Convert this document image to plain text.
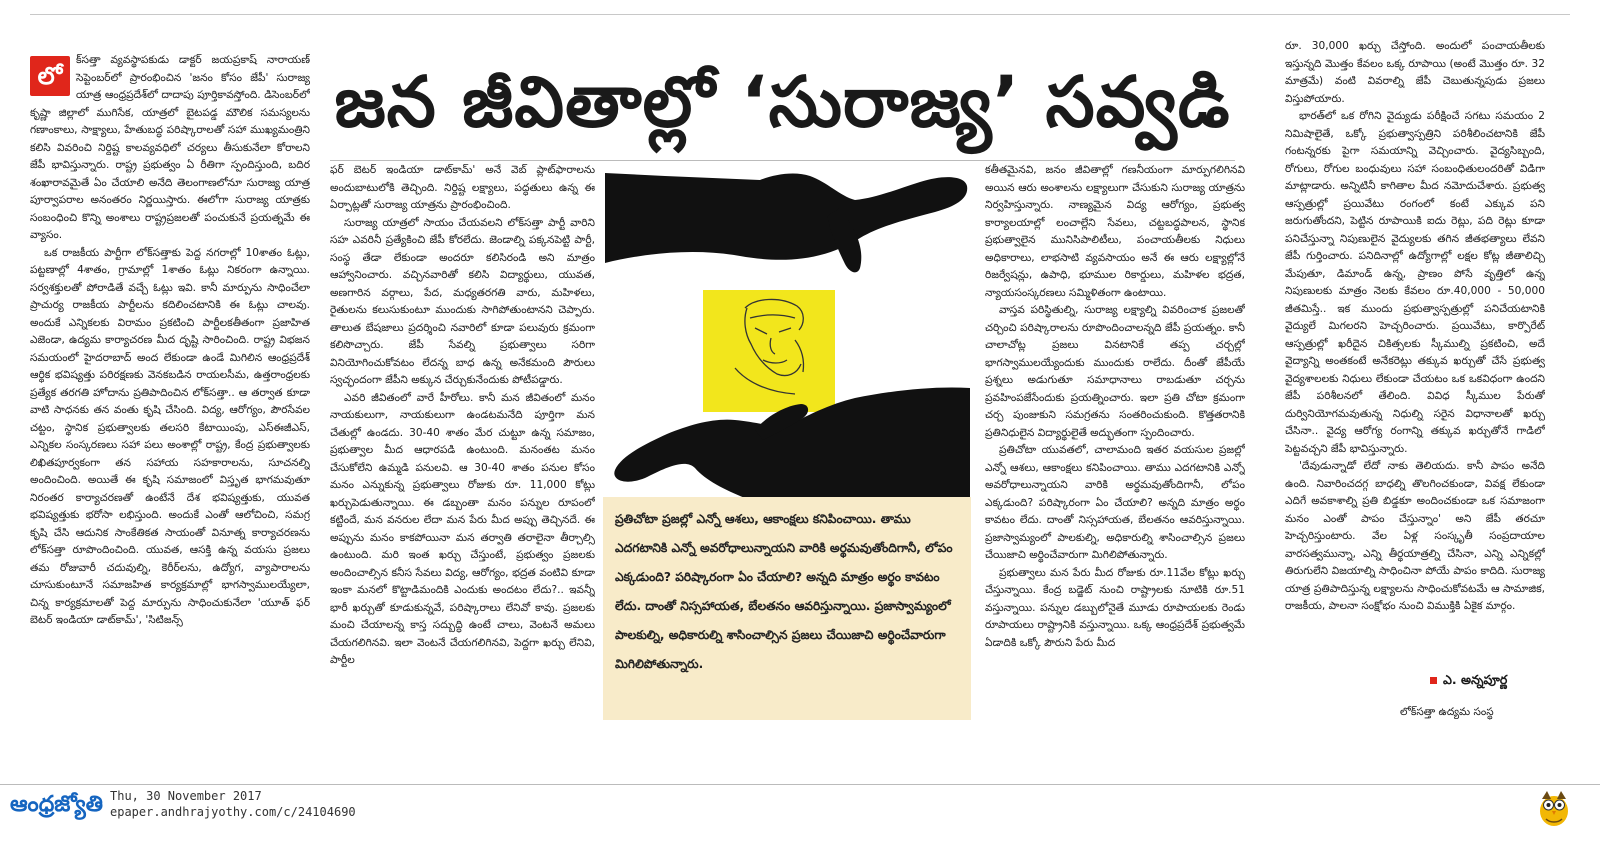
లో

క్‌సత్తా వ్యవస్థాపకుడు డాక్టర్ జయప్రకాష్ నారాయణ్ సెప్టెంబర్‌లో ప్రారంభించిన 'జనం కోసం జేపీ' సురాజ్య యాత్ర ఆంధ్రప్రదేశ్‌లో దాదాపు పూర్తికావస్తోంది. డిసెంబర్‌లో కృష్ణా జిల్లాలో ముగిసేక, యాత్రలో బైటపడ్డ మౌలిక సమస్యలను గణాంకాలు, సాక్ష్యాలు, హేతుబద్ధ పరిష్కారాలతో సహా ముఖ్యమంత్రిని కలిసి వివరించి నిర్దిష్ట కాలవ్యవధిలో చర్యలు తీసుకునేలా కోరాలని జేపీ భావిస్తున్నారు. రాష్ట్ర ప్రభుత్వం ఏ రీతిగా స్పందిస్తుంది, బదిర శంఖారావమైతే ఏం చేయాలి అనేది తెలంగాణలోనూ సురాజ్య యాత్ర పూర్వాపరాల అనంతరం నిర్ణయిస్తారు. ఈలోగా సురాజ్య యాత్రకు సంబంధించి కొన్ని అంశాలు రాష్ట్రప్రజలతో పంచుకునే ప్రయత్నమే ఈ వ్యాసం.

ఒక రాజకీయ పార్టీగా లోక్‌సత్తాకు పెద్ద నగరాల్లో 10శాతం ఓట్లు, పట్టణాల్లో 4శాతం, గ్రామాల్లో 1శాతం ఓట్లు నికరంగా ఉన్నాయి. సర్వశక్తులతో పోరాడితే వచ్చే ఓట్లు ఇవి. కానీ మార్పును సాధించేలా ప్రాచుర్య రాజకీయ పార్టీలను కదిలించటానికి ఈ ఓట్లు చాలవు. అందుకే ఎన్నికలకు విరామం ప్రకటించి పార్టీలకతీతంగా ప్రజాహిత ఎజెండా, ఉద్యమ కార్యాచరణ మీద దృష్టి సారించింది. రాష్ట్ర విభజన సమయంలో హైదరాబాద్ అంద లేకుండా ఉండే మిగిలిన ఆంధ్రప్రదేశ్ ఆర్థిక భవిష్యత్తు పరిరక్షణకు వెనకబడిన రాయలసీమ, ఉత్తరాంధ్రలకు ప్రత్యేక తరగతి హోదాను ప్రతిపాదించిన లోక్‌సత్తా.. ఆ తర్వాత కూడా వాటి సాధనకు తన వంతు కృషి చేసింది. విద్య, ఆరోగ్యం, పౌరసేవల చట్టం, స్థానిక ప్రభుత్వాలకు తలసరి కేటాయింపు, ఎస్‌ఈజీఎస్, ఎన్నికల సంస్కరణలు సహా పలు అంశాల్లో రాష్ట్ర, కేంద్ర ప్రభుత్వాలకు లిఖితపూర్వకంగా తన సహాయ సహకారాలను, సూచనల్ని అందించింది. అయితే ఈ కృషి సమాజంలో విస్తృత భాగమవుతూ నిరంతర కార్యాచరణతో ఉంటేనే దేశ భవిష్యత్తుకు, యువత భవిష్యత్తుకు భరోసా లభిస్తుంది. అందుకే ఎంతో ఆలోచించి, సమగ్ర కృషి చేసి ఆదునిక సాంకేతికత సాయంతో వినూత్న కార్యాచరణను లోక్‌సత్తా రూపొందించింది. యువత, ఆసక్తి ఉన్న వయసు ప్రజలు తమ రోజువారీ చదువుల్ని, కెరీర్‌లను, ఉద్యోగ, వ్యాపారాలను చూసుకుంటూనే సమాజహిత కార్యక్రమాల్లో భాగస్వాములయ్యేలా, చిన్న కార్యక్రమాలతో పెద్ద మార్పును సాధించుకునేలా 'యూత్ ఫర్ బెటర్ ఇండియా డాట్‌కామ్', 'సిటిజన్స్

జన జీవితాల్లో ‘సురాజ్య’ సవ్వడి

ఫర్ బెటర్ ఇండియా డాట్‌కామ్' అనే వెబ్ ప్లాట్‌ఫారాలను అందుబాటులోకి తెచ్చింది. నిర్దిష్ట లక్ష్యాలు, పద్ధతులు ఉన్న ఈ ఏర్పాట్లతో సురాజ్య యాత్రను ప్రారంభించింది.

సురాజ్య యాత్రలో సాయం చేయవలని లోక్‌సత్తా పార్టీ వారిని సహ ఎవరినీ ప్రత్యేకించి జేపీ కోరలేదు. జెండాల్ని పక్కనపెట్టి పార్టీ, సంస్థ తేడా లేకుండా అందరూ కలిసిరండి అని మాత్రం ఆహ్వానించారు. వచ్చినవారితో కలిసి విద్యార్థులు, యువత, అణగారిన వర్గాలు, పేద, మధ్యతరగతి వారు, మహిళలు, రైతులను కలుసుకుంటూ ముందుకు సాగిపోతుంటానని చెప్పారు. తాలుత బేషజాలు ప్రదర్శించి నవారిలో కూడా పలువురు క్రమంగా కలిసొచ్చారు. జేపీ సేవల్ని ప్రభుత్వాలు సరిగా వినియోగించుకోవటం లేదన్న బాధ ఉన్న అనేకమంది పౌరులు స్వచ్ఛందంగా జేపీని అక్కున చేర్చుకునేందుకు పోటీపడ్డారు.

ఎవరి జీవితంలో వారే హీరోలు. కానీ మన జీవితంలో మనం నాయకులుగా, నాయకులుగా ఉండటమనేది పూర్తిగా మన చేతుల్లో ఉండదు. 30-40 శాతం మేర చుట్టూ ఉన్న సమాజం, ప్రభుత్వాల మీద ఆధారపడి ఉంటుంది. మనంతట మనం చేసుకోలేని ఉమ్మడి పనులవి. ఆ 30-40 శాతం పనుల కోసం మనం ఎన్నుకున్న ప్రభుత్వాలు రోజుకు రూ. 11,000 కోట్లు ఖర్చుపెడుతున్నాయి. ఈ డబ్బంతా మనం పన్నుల రూపంలో కట్టిందే, మన వనరుల లేదా మన పేరు మీద అప్పు తెచ్చినదే. ఈ అప్పును మనం కాకపోయినా మన తర్వాతి తరాలైనా తీర్చాల్సి ఉంటుంది. మరి ఇంత ఖర్చు చేస్తుంటే, ప్రభుత్వం ప్రజలకు అందించాల్సిన కనీస సేవలు విద్య, ఆరోగ్యం, భద్రత వంటివి కూడా ఇంకా మనలో కొట్టాడిమందికి ఎందుకు అందటం లేదు?.. ఇవన్నీ భారీ ఖర్చుతో కూడుకున్నవే, పరిష్కారాలు లేనివో కావు. ప్రజలకు మంచి చేయాలన్న కాస్త సద్బుద్ధి ఉంటే చాలు, వెంటనే అమలు చేయగలిగినవి. ఇలా వెంటనే చేయగలిగినవి, పెద్దగా ఖర్చు లేనివి, పార్టీల

ప్రతిచోటా ప్రజల్లో ఎన్నో ఆశలు, ఆకాంక్షలు కనిపించాయి. తాము ఎదగటానికి ఎన్నో అవరోధాలున్నాయని వారికి అర్థమవుతోందిగానీ, లోపం ఎక్కడుంది? పరిష్కారంగా ఏం చేయాలి? అన్నది మాత్రం అర్థం కావటం లేదు. దాంతో నిస్సహాయత, బేలతనం ఆవరిస్తున్నాయి. ప్రజాస్వామ్యంలో పాలకుల్ని, అధికారుల్ని శాసించాల్సిన ప్రజలు చేయిజాచి అర్థించేవారుగా మిగిలిపోతున్నారు.

కతీతమైనవి, జనం జీవితాల్లో గణనీయంగా మార్పుగలిగినవి అయిన ఆరు అంశాలను లక్ష్యాలుగా చేసుకుని సురాజ్య యాత్రను నిర్వహిస్తున్నారు. నాణ్యమైన విద్య ఆరోగ్యం, ప్రభుత్వ కార్యాలయాల్లో లంచాల్లేని సేవలు, చట్టబద్ధపాలన, స్థానిక ప్రభుత్వాలైన మునిసిపాలిటీలు, పంచాయతీలకు నిధులు అధికారాలు, లాభసాటి వ్యవసాయం అనే ఈ ఆరు లక్ష్యాల్లోనే రిజర్వేషన్లు, ఉపాధి, భూముల రికార్డులు, మహిళల భద్రత, న్యాయసంస్కరణలు సమ్మిళితంగా ఉంటాయి.

వాస్తవ పరిస్థితుల్ని, సురాజ్య లక్ష్యాల్ని వివరించాక ప్రజలతో చర్చించి పరిష్కారాలను రూపొందించాలన్నది జేపీ ప్రయత్నం. కానీ చాలాచోట్ల ప్రజలు వినటానికే తప్ప చర్చల్లో భాగస్వాములయ్యేందుకు ముందుకు రాలేదు. దీంతో జేపీయే ప్రశ్నలు అడుగుతూ సమాధానాలు రాబడుతూ చర్చను ప్రవహింపజేసేందుకు ప్రయత్నించారు. ఇలా ప్రతి చోటా క్రమంగా చర్చ పుంజుకుని సమగ్రతను సంతరించుకుంది. కొత్తతరానికి ప్రతినిధులైన విద్యార్థులైతే అద్భుతంగా స్పందించారు.

ప్రతిచోటా యువతలో, చాలామంది ఇతర వయసుల ప్రజల్లో ఎన్నో ఆశలు, ఆకాంక్షలు కనిపించాయి. తాము ఎదగటానికి ఎన్నో అవరోధాలున్నాయని వారికి అర్థమవుతోందిగానీ, లోపం ఎక్కడుంది? పరిష్కారంగా ఏం చేయాలి? అన్నది మాత్రం అర్థం కావటం లేదు. దాంతో నిస్సహాయత, బేలతనం ఆవరిస్తున్నాయి. ప్రజాస్వామ్యంలో పాలకుల్ని, అధికారుల్ని శాసించాల్సిన ప్రజలు చేయిజాచి అర్థించేవారుగా మిగిలిపోతున్నారు.

ప్రభుత్వాలు మన పేరు మీద రోజుకు రూ.11వేల కోట్లు ఖర్చు చేస్తున్నాయి. కేంద్ర బడ్జెట్ నుంచి రాష్ట్రాలకు నూటికి రూ.51 వస్తున్నాయి. పన్నుల డబ్బులోనైతే మూడు రూపాయలకు రెండు రూపాయలు రాష్ట్రానికి వస్తున్నాయి. ఒక్క ఆంధ్రప్రదేశ్ ప్రభుత్వమే ఏడాదికి ఒక్కో పౌరుని పేరు మీద

రూ. 30,000 ఖర్చు చేస్తోంది. అందులో పంచాయతీలకు ఇస్తున్నది మొత్తం కేవలం ఒక్క రూపాయి (అంటే మొత్తం రూ. 32 మాత్రమే) వంటి వివరాల్ని జేపీ చెబుతున్నపుడు ప్రజలు విస్తుపోయారు.

భారత్‌లో ఒక రోగిని వైద్యుడు పరీక్షించే సగటు సమయం 2 నిమిషాలైతే, ఒక్కో ప్రభుత్వాస్పత్రిని పరిశీలించటానికి జేపీ గంటన్నరకు పైగా సమయాన్ని వెచ్చించారు. వైద్యసిబ్బంది, రోగులు, రోగుల బంధువులు సహా సంబంధితులందరితో విడిగా మాట్లాడారు. అన్నిటినీ కాగితాల మీద నమోదుచేశారు. ప్రభుత్వ ఆస్పత్రుల్లో ప్రయివేటు రంగంలో కంటే ఎక్కువ పని జరుగుతోందని, పెట్టిన రూపాయికి ఐదు రెట్లు, పది రెట్లు కూడా పనిచేస్తున్నా నిపుణులైన వైద్యులకు తగిన జీతభత్యాలు లేవని జేపీ గుర్తించారు. పనిదినాల్లో ఉద్యోగాల్లో లక్షల కోట్ల జీతాలిచ్చి మేపుతూ, డిమాండ్ ఉన్న, ప్రాణం పోసే వృత్తిలో ఉన్న నిపుణులకు మాత్రం నెలకు కేవలం రూ.40,000 - 50,000 జీతమిస్తే.. ఇక ముందు ప్రభుత్వాస్పత్రుల్లో పనిచేయటానికి వైద్యులే మిగలరని హెచ్చరించారు. ప్రయివేటు, కార్పొరేట్ ఆస్పత్రుల్లో ఖరీదైన చికిత్సలకు స్కీముల్ని ప్రకటించి, అదే వైద్యాన్ని అంతకంటే అనేకరెట్లు తక్కువ ఖర్చుతో చేసే ప్రభుత్వ వైద్యశాలలకు నిధులు లేకుండా చేయటం ఒక ఒకవిధంగా ఉందని జేపీ పరిశీలనలో తేలింది. వివిధ స్కీముల పేరుతో దుర్వినియోగమవుతున్న నిధుల్ని సరైన విధానాలతో ఖర్చు చేసినా.. వైద్య ఆరోగ్య రంగాన్ని తక్కువ ఖర్చుతోనే గాడిలో పెట్టవచ్చని జేపీ భావిస్తున్నారు.

'దేవుడున్నాడో లేదో నాకు తెలియదు. కానీ పాపం అనేది ఉంది. నివారించదగ్గ బాధల్ని తొలగించకుండా, వివక్ష లేకుండా ఎదిగే అవకాశాల్ని ప్రతి బిడ్డకూ అందించకుండా ఒక సమాజంగా మనం ఎంతో పాపం చేస్తున్నాం' అని జేపీ తరచూ హెచ్చరిస్తుంటారు. వేల ఏళ్ల సంస్కృతీ సంప్రదాయాల వారసత్వమున్నా, ఎన్ని తీర్థయాత్రల్ని చేసినా, ఎన్ని ఎన్నికల్లో తిరుగులేని విజయాల్ని సాధించినా పోయే పాపం కాదిది. సురాజ్య యాత్ర ప్రతిపాదిస్తున్న లక్ష్యాలను సాధించుకోవటమే ఆ సామాజిక, రాజకీయ, పాలనా సంక్షోభం నుంచి విముక్తికి ఏకైక మార్గం.

ఎ. అన్నపూర్ణ
లోక్‌సత్తా ఉద్యమ సంస్థ
ఆంధ్రజ్యోతి Thu, 30 November 2017
epaper.andhrajyothy.com/c/24104690
